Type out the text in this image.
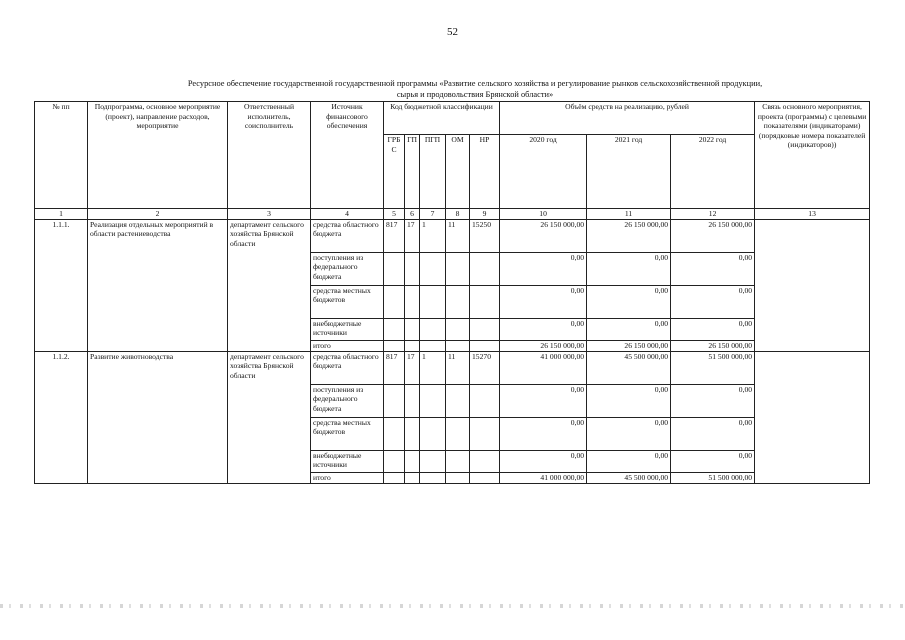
52
Ресурсное обеспечение государственной государственной программы «Развитие сельского хозяйства и регулирование рынков сельскохозяйственной продукции,
сырья и продовольствия Брянской области»
№ пп	Подпрограмма, основное мероприятие (проект), направление расходов, мероприятие	Ответственный исполнитель, соисполнитель	Источник финансового обеспечения	Код бюджетной классификации					Объём средств на реализацию, рублей			Связь основного мероприятия, проекта (программы) с целевыми показателями (индикаторами) (порядковые номера показателей (индикаторов))
				ГРБС	ГП	ПГП	ОМ	НР	2020 год	2021 год	2022 год	
1	2	3	4	5	6	7	8	9	10	11	12	13
1.1.1.	Реализация отдельных мероприятий в области растениеводства	департамент сельского хозяйства Брянской области	средства областного бюджета	817	17	1	11	15250	26 150 000,00	26 150 000,00	26 150 000,00	
			поступления из федерального бюджета						0,00	0,00	0,00	
			средства местных бюджетов						0,00	0,00	0,00	
			внебюджетные источники						0,00	0,00	0,00	
			итого						26 150 000,00	26 150 000,00	26 150 000,00	
1.1.2.	Развитие животноводства	департамент сельского хозяйства Брянской области	средства областного бюджета	817	17	1	11	15270	41 000 000,00	45 500 000,00	51 500 000,00	
			поступления из федерального бюджета						0,00	0,00	0,00	
			средства местных бюджетов						0,00	0,00	0,00	
			внебюджетные источники						0,00	0,00	0,00	
			итого						41 000 000,00	45 500 000,00	51 500 000,00	
